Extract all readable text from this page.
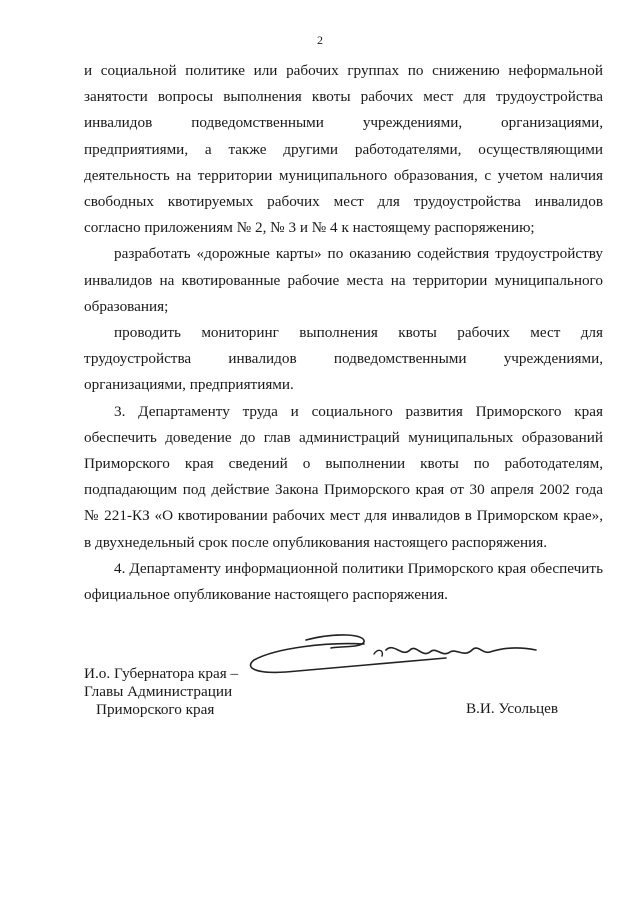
2

и социальной политике или рабочих группах по снижению неформальной занятости вопросы выполнения квоты рабочих мест для трудоустройства инвалидов подведомственными учреждениями, организациями, предприятиями, а также другими работодателями, осуществляющими деятельность на территории муниципального образования, с учетом наличия свободных квотируемых рабочих мест для трудоустройства инвалидов согласно приложениям № 2, № 3 и № 4 к настоящему распоряжению;

разработать «дорожные карты» по оказанию содействия трудоустройству инвалидов на квотированные рабочие места на территории муниципального образования;

проводить мониторинг выполнения квоты рабочих мест для трудоустройства инвалидов подведомственными учреждениями, организациями, предприятиями.

3. Департаменту труда и социального развития Приморского края обеспечить доведение до глав администраций муниципальных образований Приморского края сведений о выполнении квоты по работодателям, подпадающим под действие Закона Приморского края от 30 апреля 2002 года № 221-КЗ «О квотировании рабочих мест для инвалидов в Приморском крае», в двухнедельный срок после опубликования настоящего распоряжения.

4. Департаменту информационной политики Приморского края обеспечить официальное опубликование настоящего распоряжения.

И.о. Губернатора края –
Главы Администрации
Приморского края	В.И. Усольцев
